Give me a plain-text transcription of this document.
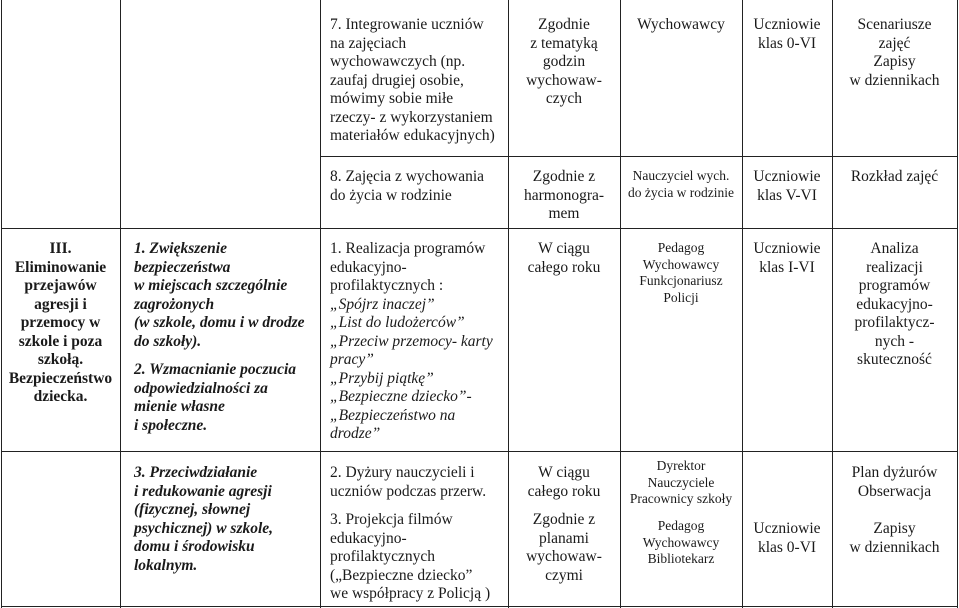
7. Integrowanie uczniów
na zajęciach
wychowawczych (np.
zaufaj drugiej osobie,
mówimy sobie miłe
rzeczy- z wykorzystaniem
materiałów edukacyjnych)
Zgodnie
z tematyką
godzin
wychowaw-
czych
Wychowawcy	Uczniowie
klas 0-VI
Scenariusze
zajęć
Zapisy
w dziennikach
8. Zajęcia z wychowania
do życia w rodzinie
Zgodnie z
harmonogra-
mem
Nauczyciel wych.
do życia w rodzinie
Uczniowie
klas V-VI
Rozkład zajęć
III.
Eliminowanie
przejawów
agresji i
przemocy w
szkole i poza
szkołą.
Bezpieczeństwo
dziecka.
1. Zwiększenie
bezpieczeństwa
w miejscach szczególnie
zagrożonych
(w szkole, domu i w drodze
do szkoły).
2. Wzmacnianie poczucia
odpowiedzialności za
mienie własne
i społeczne.
1. Realizacja programów
edukacyjno-
profilaktycznych :
„Spójrz inaczej”
„List do ludożerców”
„Przeciw przemocy- karty
pracy”
„Przybij piątkę”
„Bezpieczne dziecko”-
„Bezpieczeństwo na
drodze”
W ciągu
całego roku
Pedagog
Wychowawcy
Funkcjonariusz
Policji
Uczniowie
klas I-VI
Analiza
realizacji
programów
edukacyjno-
profilaktycz-
nych -
skuteczność
3. Przeciwdziałanie
i redukowanie agresji
(fizycznej, słownej
psychicznej) w szkole,
domu i środowisku
lokalnym.
2. Dyżury nauczycieli i
uczniów podczas przerw.
3. Projekcja filmów
edukacyjno-
profilaktycznych
(„Bezpieczne dziecko”
we współpracy z Policją )
W ciągu
całego roku
Zgodnie z
planami
wychowaw-
czymi
Dyrektor
Nauczyciele
Pracownicy szkoły
Pedagog
Wychowawcy
Bibliotekarz
Uczniowie
klas 0-VI
Plan dyżurów
Obserwacja
Zapisy
w dziennikach
